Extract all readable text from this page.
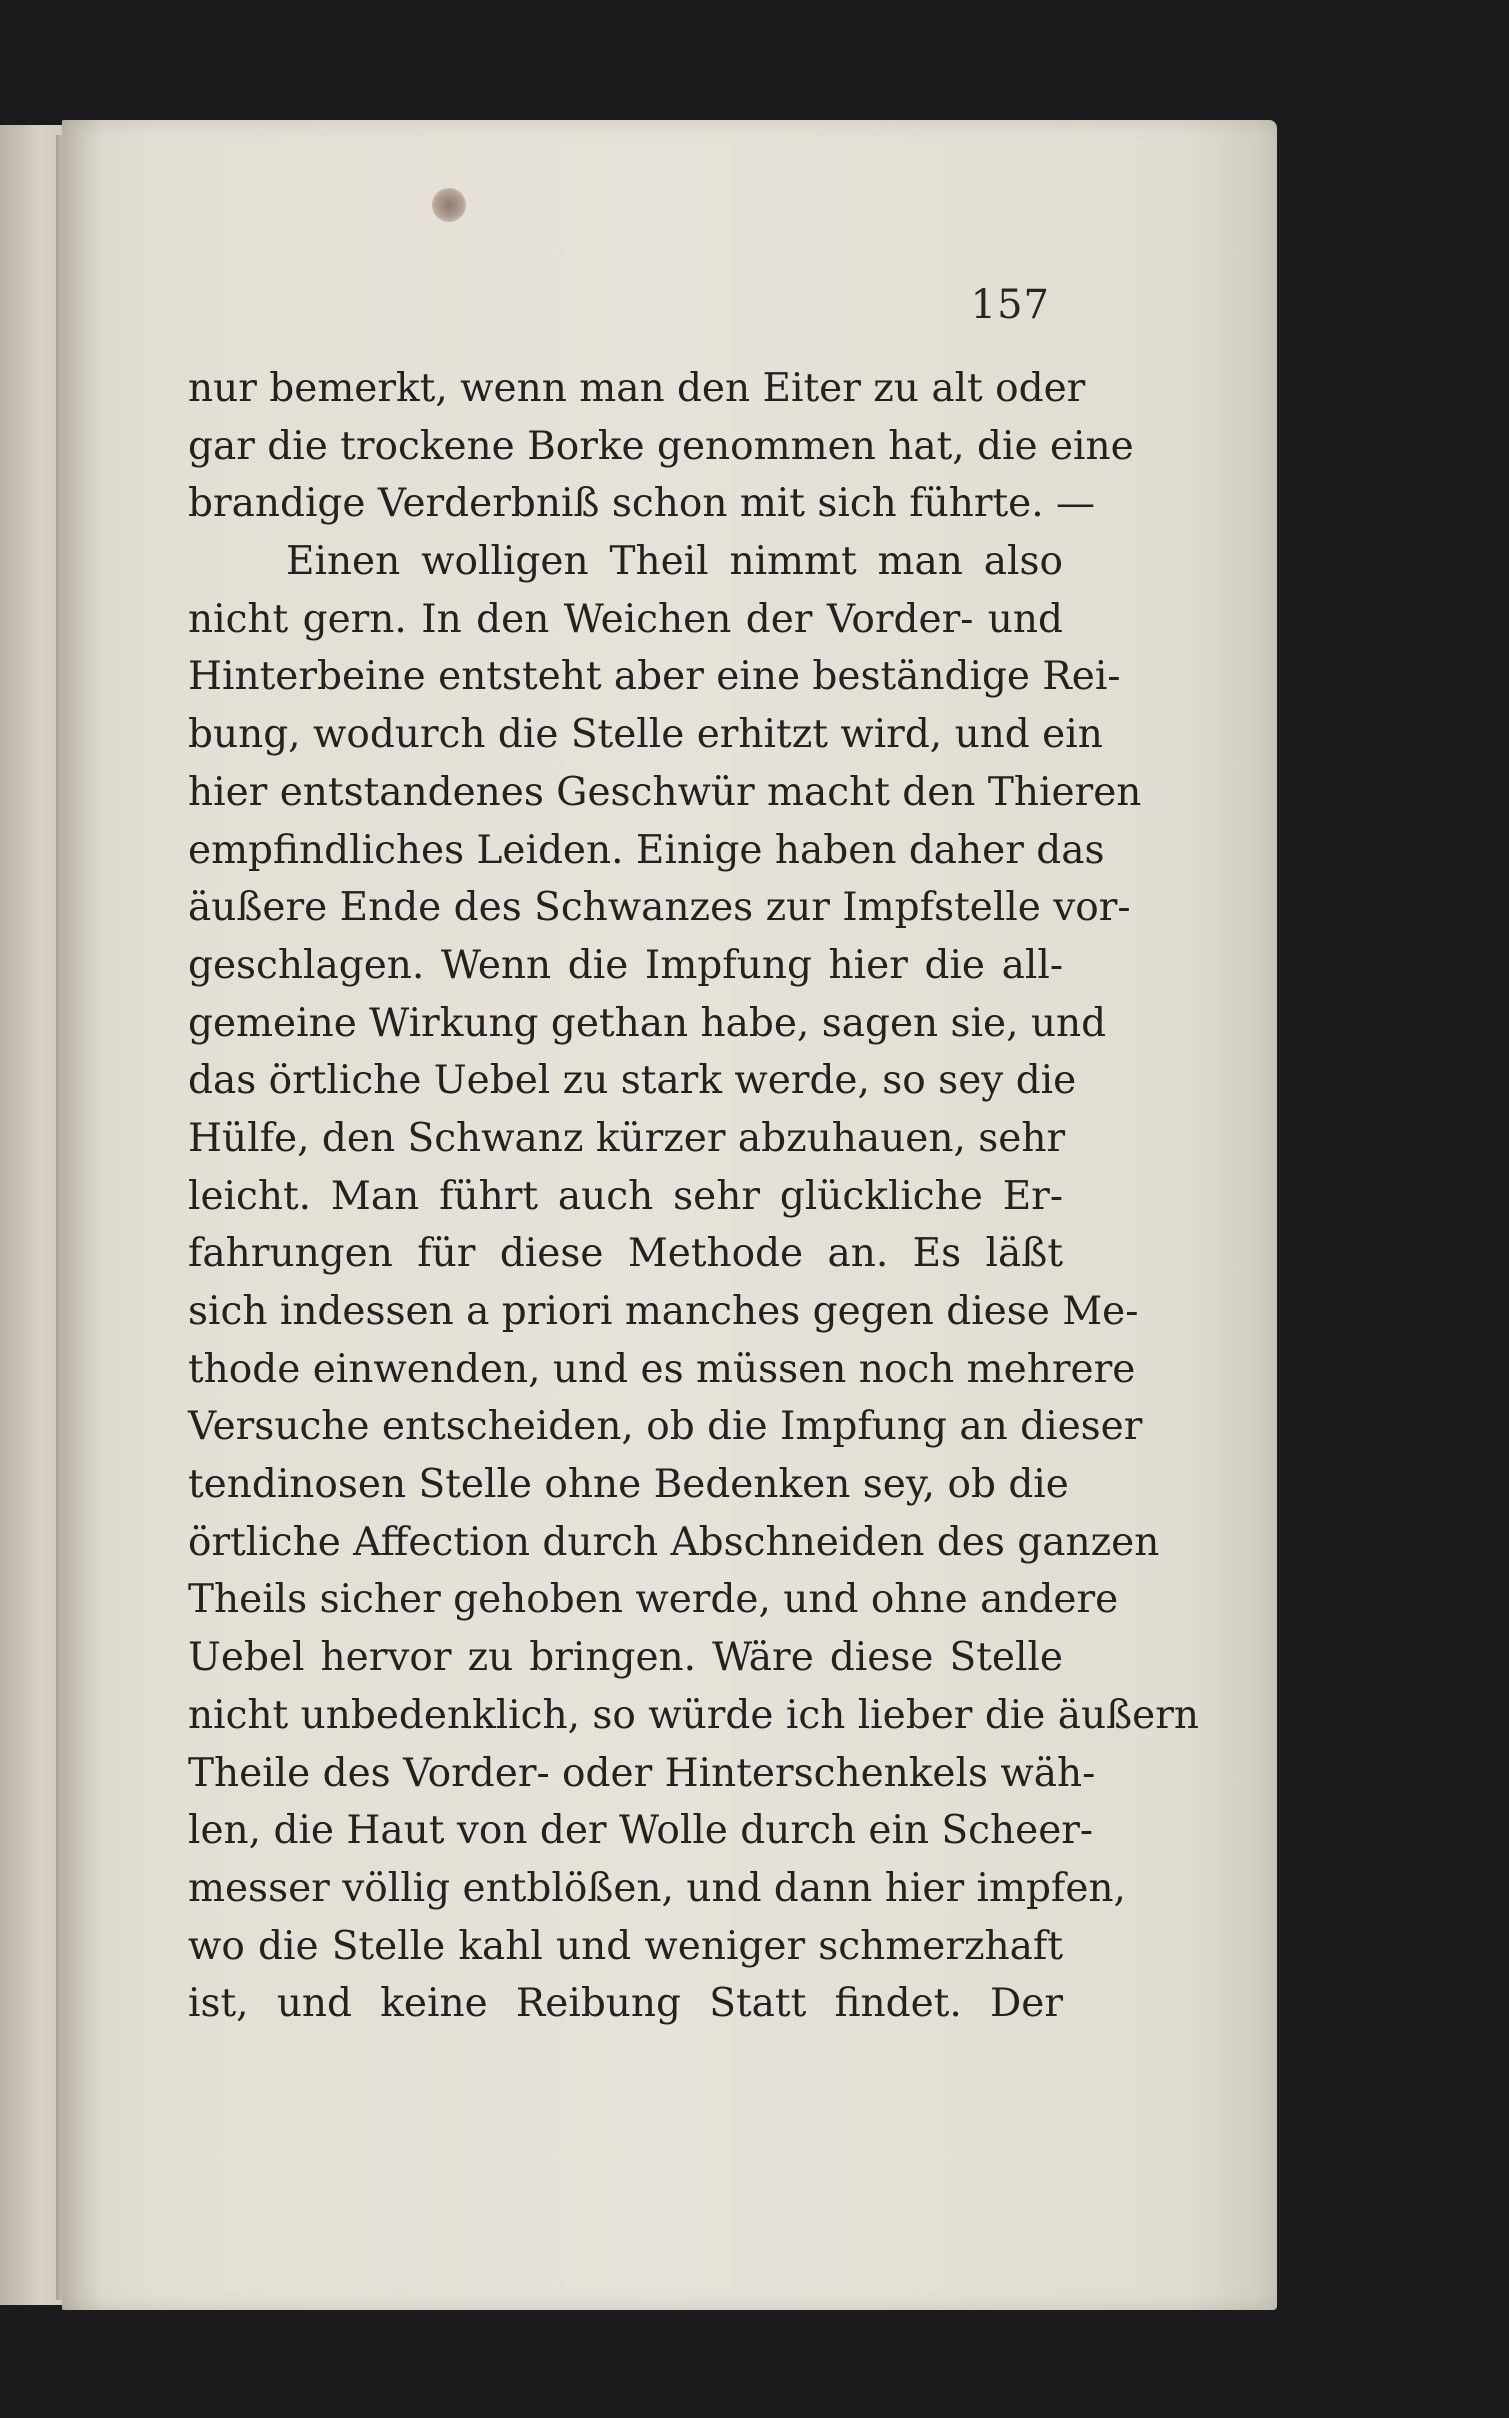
157
nur bemerkt, wenn man den Eiter zu alt oder
gar die trockene Borke genommen hat, die eine
brandige Verderbniß schon mit sich führte. —
Einen wolligen Theil nimmt man also
nicht gern. In den Weichen der Vorder- und
Hinterbeine entsteht aber eine beständige Rei-
bung, wodurch die Stelle erhitzt wird, und ein
hier entstandenes Geschwür macht den Thieren
empfindliches Leiden. Einige haben daher das
äußere Ende des Schwanzes zur Impfstelle vor-
geschlagen. Wenn die Impfung hier die all-
gemeine Wirkung gethan habe, sagen sie, und
das örtliche Uebel zu stark werde, so sey die
Hülfe, den Schwanz kürzer abzuhauen, sehr
leicht. Man führt auch sehr glückliche Er-
fahrungen für diese Methode an. Es läßt
sich indessen a priori manches gegen diese Me-
thode einwenden, und es müssen noch mehrere
Versuche entscheiden, ob die Impfung an dieser
tendinosen Stelle ohne Bedenken sey, ob die
örtliche Affection durch Abschneiden des ganzen
Theils sicher gehoben werde, und ohne andere
Uebel hervor zu bringen. Wäre diese Stelle
nicht unbedenklich, so würde ich lieber die äußern
Theile des Vorder- oder Hinterschenkels wäh-
len, die Haut von der Wolle durch ein Scheer-
messer völlig entblößen, und dann hier impfen,
wo die Stelle kahl und weniger schmerzhaft
ist, und keine Reibung Statt findet. Der
